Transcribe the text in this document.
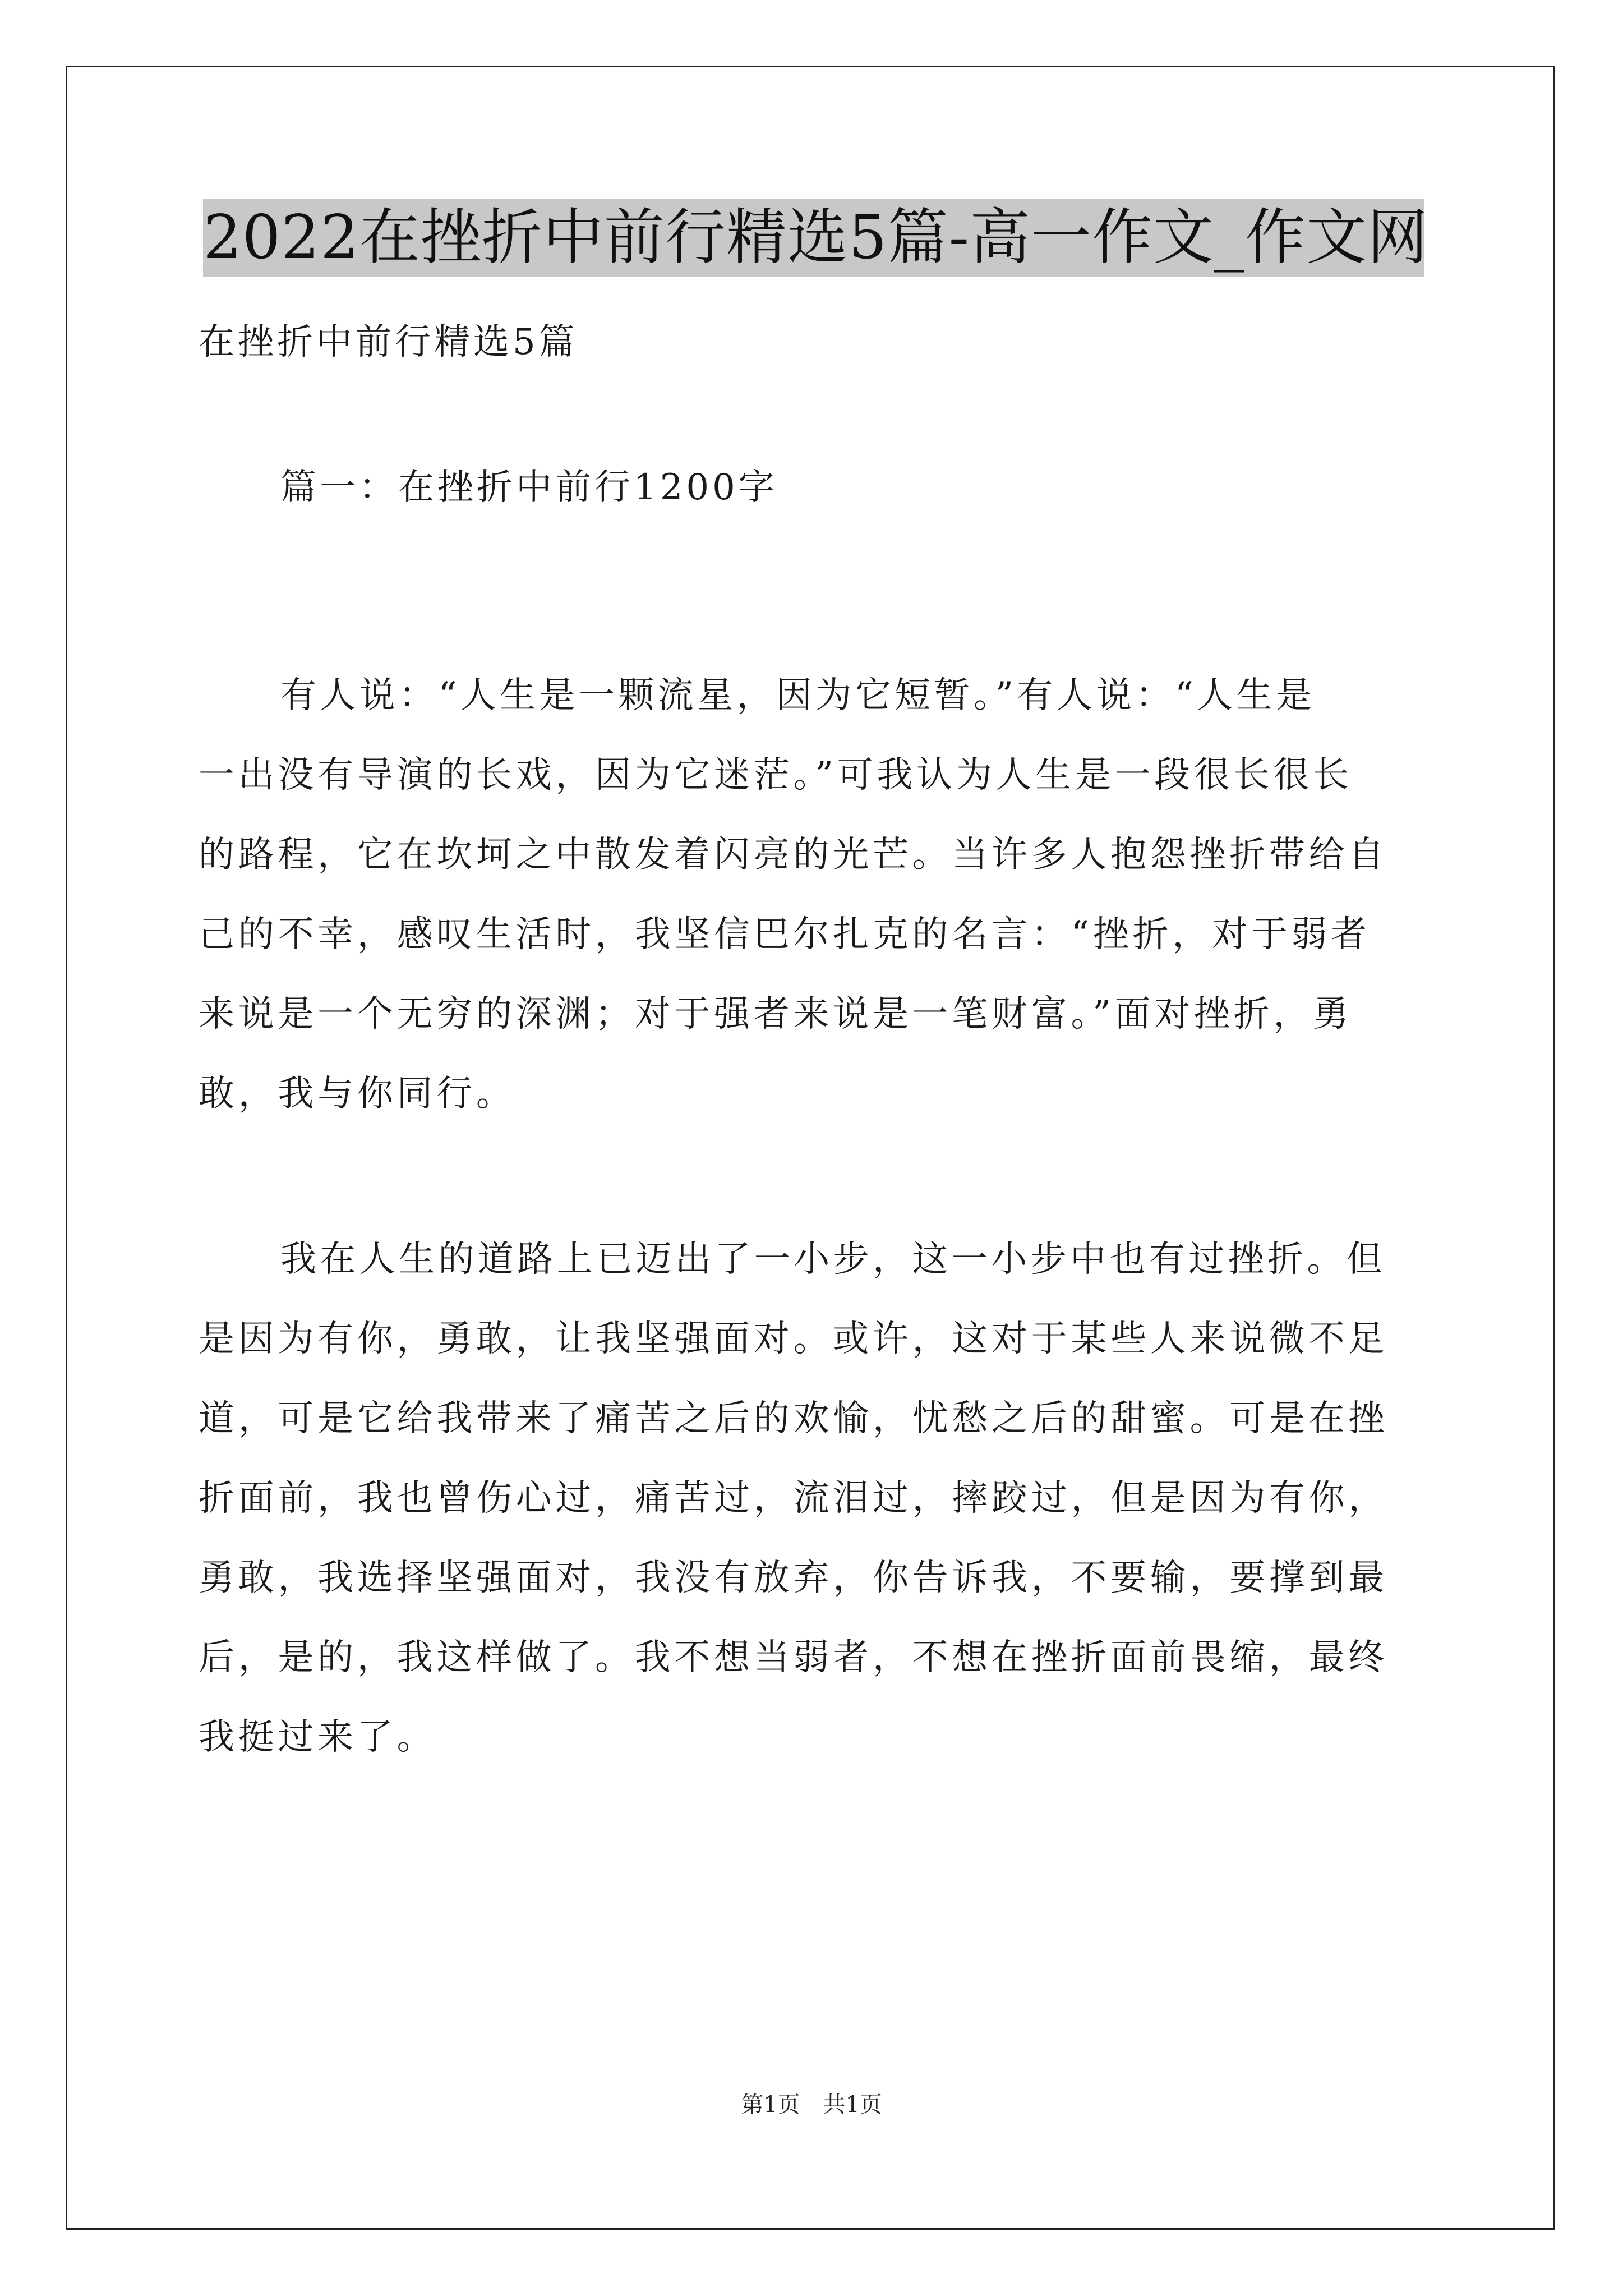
2022在挫折中前行精选5篇-高一作文_作文网
在挫折中前行精选5篇
篇一：在挫折中前行1200字
有人说：“人生是一颗流星，因为它短暂。”有人说：“人生是
一出没有导演的长戏，因为它迷茫。”可我认为人生是一段很长很长
的路程，它在坎坷之中散发着闪亮的光芒。当许多人抱怨挫折带给自
己的不幸，感叹生活时，我坚信巴尔扎克的名言：“挫折，对于弱者
来说是一个无穷的深渊；对于强者来说是一笔财富。”面对挫折，勇
敢，我与你同行。
我在人生的道路上已迈出了一小步，这一小步中也有过挫折。但
是因为有你，勇敢，让我坚强面对。或许，这对于某些人来说微不足
道，可是它给我带来了痛苦之后的欢愉，忧愁之后的甜蜜。可是在挫
折面前，我也曾伤心过，痛苦过，流泪过，摔跤过，但是因为有你，
勇敢，我选择坚强面对，我没有放弃，你告诉我，不要输，要撑到最
后，是的，我这样做了。我不想当弱者，不想在挫折面前畏缩，最终
我挺过来了。
第1页 共1页
